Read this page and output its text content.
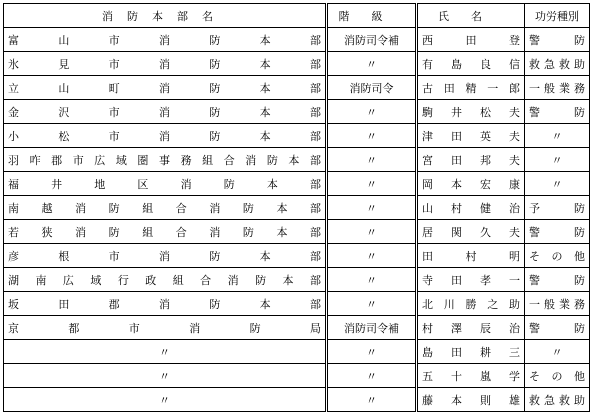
消防本部名	階級	氏名	功労種別
富山市消防本部	消防司令補	西田登	警防
氷見市消防本部	〃	有島良信	救急救助
立山町消防本部	消防司令	古田精一郎	一般業務
金沢市消防本部	〃	駒井松夫	警防
小松市消防本部	〃	津田英夫	〃
羽咋郡市広域圏事務組合消防本部	〃	宮田邦夫	〃
福井地区消防本部	〃	岡本宏康	〃
南越消防組合消防本部	〃	山村健治	予防
若狭消防組合消防本部	〃	居関久夫	警防
彦根市消防本部	〃	田村明	その他
湖南広域行政組合消防本部	〃	寺田孝一	警防
坂田郡消防本部	〃	北川勝之助	一般業務
京都市消防局	消防司令補	村澤辰治	警防
〃	〃	島田耕三	〃
〃	〃	五十嵐学	その他
〃	〃	藤本則雄	救急救助
